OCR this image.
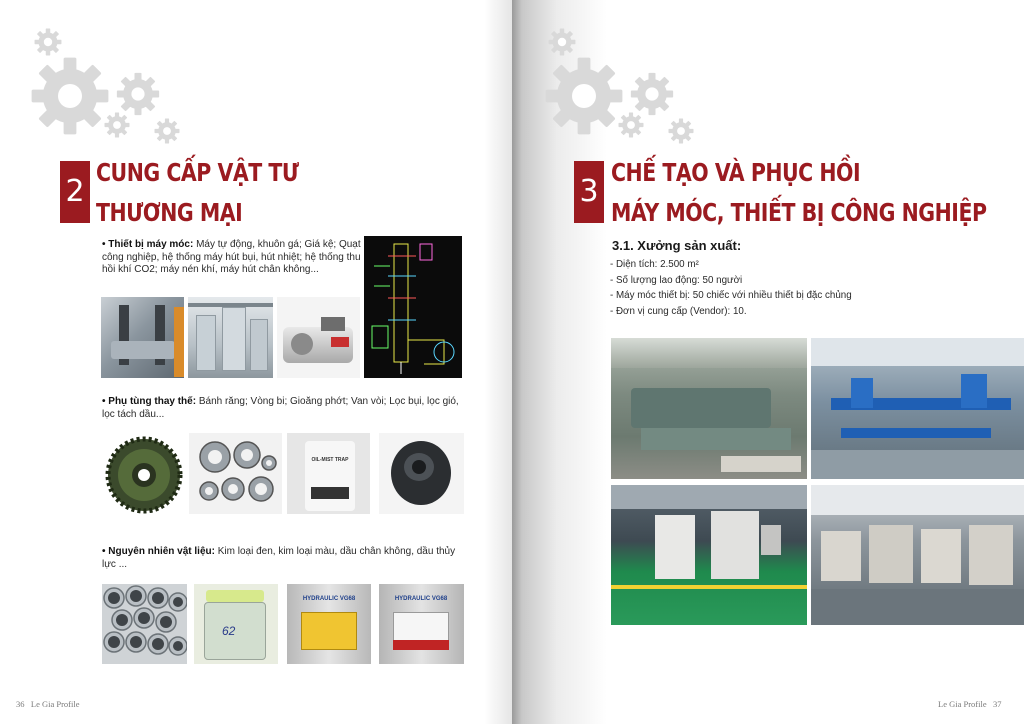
2
CUNG CẤP VẬT TƯ
THƯƠNG MẠI

• Thiết bị máy móc: Máy tự động, khuôn gá; Giá kệ; Quạt công nghiệp, hệ thống máy hút bụi, hút nhiệt; hệ thống thu hồi khí CO2; máy nén khí, máy hút chân không...

• Phụ tùng thay thế: Bánh răng; Vòng bi; Gioăng phớt; Van vòi; Lọc bụi, lọc gió, lọc tách dầu...

OIL-MIST TRAP

• Nguyên nhiên vật liệu: Kim loại đen, kim loại màu, dầu chân không, dầu thủy lực ...

62
HYDRAULIC VG68	HYDRAULIC VG68
36 Le Gia Profile
3
CHẾ TẠO VÀ PHỤC HỒI
MÁY MÓC, THIẾT BỊ CÔNG NGHIỆP
3.1. Xưởng sản xuất:
- Diện tích: 2.500 m²
- Số lượng lao động: 50 người
- Máy móc thiết bị: 50 chiếc với nhiều thiết bị đặc chủng
- Đơn vị cung cấp (Vendor): 10.
Le Gia Profile 37
